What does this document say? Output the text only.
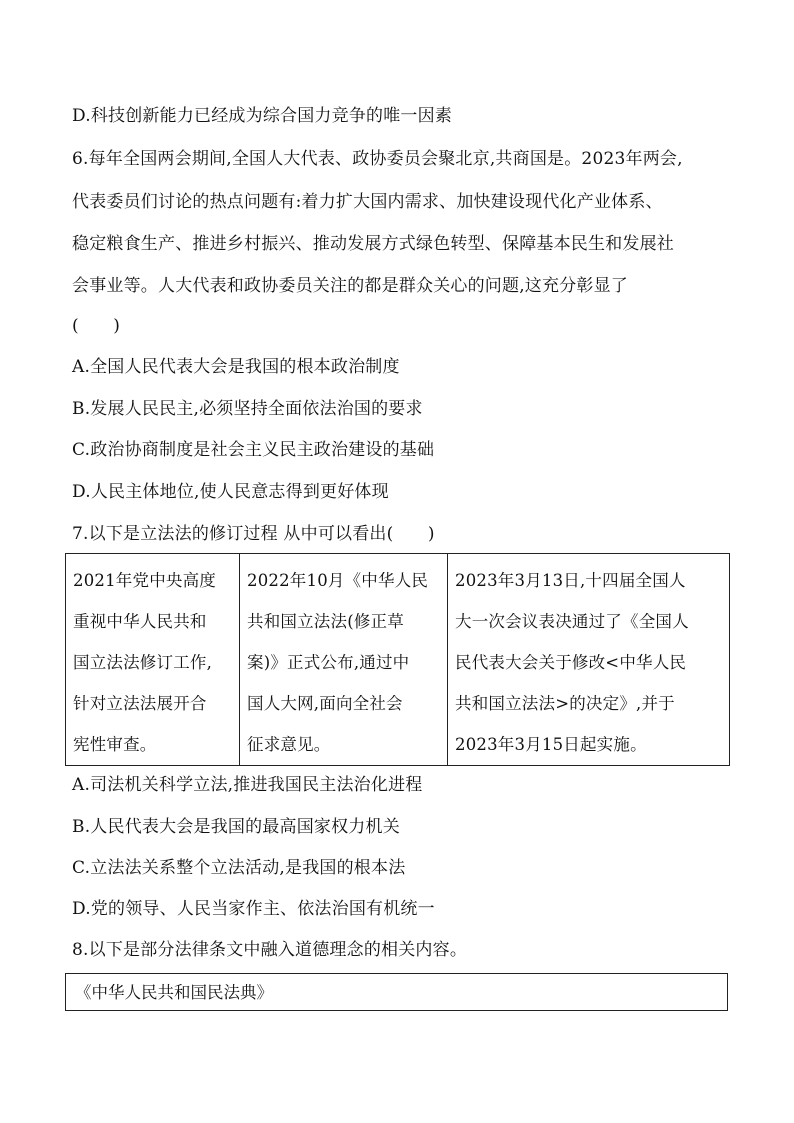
D.科技创新能力已经成为综合国力竞争的唯一因素
6.每年全国两会期间,全国人大代表、政协委员会聚北京,共商国是。2023年两会,
代表委员们讨论的热点问题有:着力扩大国内需求、加快建设现代化产业体系、
稳定粮食生产、推进乡村振兴、推动发展方式绿色转型、保障基本民生和发展社
会事业等。人大代表和政协委员关注的都是群众关心的问题,这充分彰显了
(　　)
A.全国人民代表大会是我国的根本政治制度
B.发展人民民主,必须坚持全面依法治国的要求
C.政治协商制度是社会主义民主政治建设的基础
D.人民主体地位,使人民意志得到更好体现
7.以下是立法法的修订过程 从中可以看出(　　)
2021年党中央高度
重视中华人民共和
国立法法修订工作,
针对立法法展开合
宪性审查。

2022年10月《中华人民
共和国立法法(修正草
案)》正式公布,通过中
国人大网,面向全社会
征求意见。

2023年3月13日,十四届全国人
大一次会议表决通过了《全国人
民代表大会关于修改<中华人民
共和国立法法>的决定》,并于
2023年3月15日起实施。
A.司法机关科学立法,推进我国民主法治化进程
B.人民代表大会是我国的最高国家权力机关
C.立法法关系整个立法活动,是我国的根本法
D.党的领导、人民当家作主、依法治国有机统一
8.以下是部分法律条文中融入道德理念的相关内容。
《中华人民共和国民法典》
